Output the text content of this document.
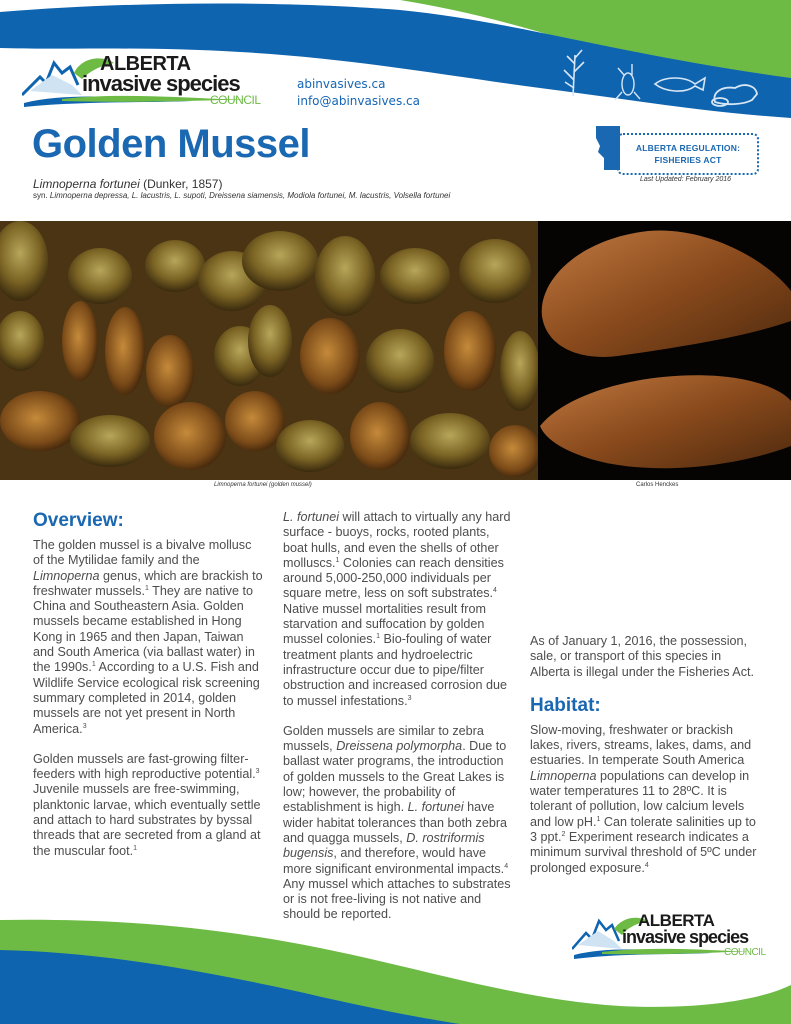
ALBERTA
invasive species
COUNCIL
abinvasives.ca
info@abinvasives.ca
Golden Mussel
Limnoperna fortunei (Dunker, 1857)
syn. Limnoperna depressa, L. lacustris, L. supoti, Dreissena siamensis, Modiola fortunei, M. lacustris, Volsella fortunei
ALBERTA REGULATION:
FISHERIES ACT
Last Updated: February 2016
Limnoperna fortunei (golden mussel)	Carlos Henckes
Overview:

The golden mussel is a bivalve mollusc of the Mytilidae family and the Limnoperna genus, which are brackish to freshwater mussels.$^1$ They are native to China and Southeastern Asia. Golden mussels became established in Hong Kong in 1965 and then Japan, Taiwan and South America (via ballast water) in the 1990s.$^1$ According to a U.S. Fish and Wildlife Service ecological risk screening summary completed in 2014, golden mussels are not yet present in North America.$^3$

Golden mussels are fast-growing filter-feeders with high reproductive potential.$^3$ Juvenile mussels are free-swimming, planktonic larvae, which eventually settle and attach to hard substrates by byssal threads that are secreted from a gland at the muscular foot.$^1$

L. fortunei will attach to virtually any hard surface - buoys, rocks, rooted plants, boat hulls, and even the shells of other molluscs.$^1$ Colonies can reach densities around 5,000-250,000 individuals per square metre, less on soft substrates.$^4$ Native mussel mortalities result from starvation and suffocation by golden mussel colonies.$^1$ Bio-fouling of water treatment plants and hydroelectric infrastructure occur due to pipe/filter obstruction and increased corrosion due to mussel infestations.$^3$

Golden mussels are similar to zebra mussels, Dreissena polymorpha. Due to ballast water programs, the introduction of golden mussels to the Great Lakes is low; however, the probability of establishment is high. L. fortunei have wider habitat tolerances than both zebra and quagga mussels, D. rostriformis bugensis, and therefore, would have more significant environmental impacts.$^4$ Any mussel which attaches to substrates or is not free-living is not native and should be reported.

As of January 1, 2016, the possession, sale, or transport of this species in Alberta is illegal under the Fisheries Act.

Habitat:

Slow-moving, freshwater or brackish lakes, rivers, streams, lakes, dams, and estuaries. In temperate South America Limnoperna populations can develop in water temperatures 11 to 28ºC. It is tolerant of pollution, low calcium levels and low pH.$^1$ Can tolerate salinities up to 3 ppt.$^2$ Experiment research indicates a minimum survival threshold of 5ºC under prolonged exposure.$^4$

ALBERTA
invasive species
COUNCIL
